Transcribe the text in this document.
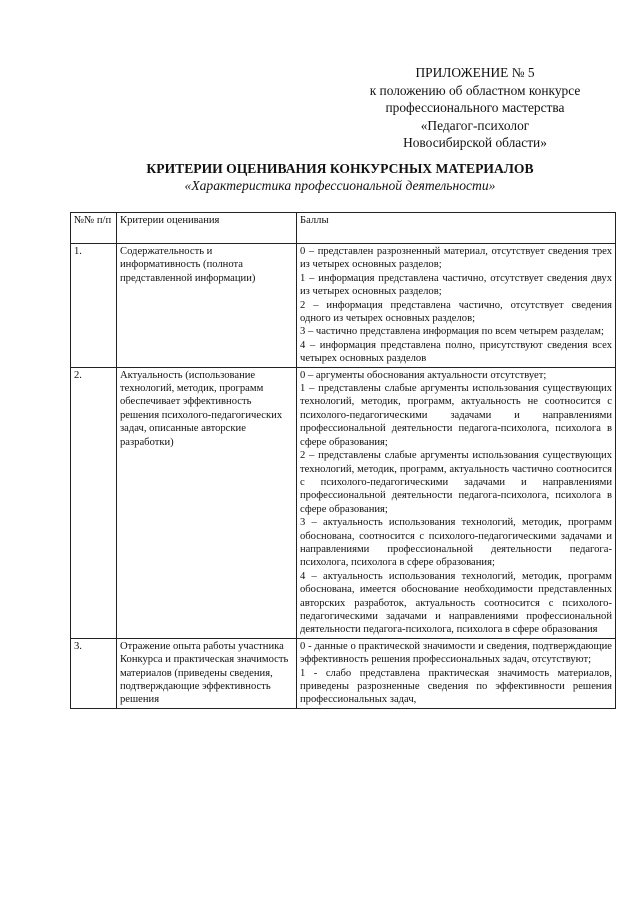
ПРИЛОЖЕНИЕ № 5
к положению об областном конкурсе
профессионального мастерства
«Педагог-психолог
Новосибирской области»
КРИТЕРИИ ОЦЕНИВАНИЯ КОНКУРСНЫХ МАТЕРИАЛОВ
«Характеристика профессиональной деятельности»
№№ п/п	Критерии оценивания	Баллы
1.	Содержательность и информативность (полнота представленной информации)	0 – представлен разрозненный материал, отсутствует сведения трех из четырех основных разделов;
1 – информация представлена частично, отсутствует сведения двух из четырех основных разделов;
2 – информация представлена частично, отсутствует сведения одного из четырех основных разделов;
3 – частично представлена информация по всем четырем разделам;
4 – информация представлена полно, присутствуют сведения всех четырех основных разделов

2.	Актуальность (использование технологий, методик, программ обеспечивает эффективность решения психолого-педагогических задач, описанные авторские разработки)	0 – аргументы обоснования актуальности отсутствует;
1 – представлены слабые аргументы использования существующих технологий, методик, программ, актуальность не соотносится с психолого-педагогическими задачами и направлениями профессиональной деятельности педагога-психолога, психолога в сфере образования;
2 – представлены слабые аргументы использования существующих технологий, методик, программ, актуальность частично соотносится с психолого-педагогическими задачами и направлениями профессиональной деятельности педагога-психолога, психолога в сфере образования;
3 – актуальность использования технологий, методик, программ обоснована, соотносится с психолого-педагогическими задачами и направлениями профессиональной деятельности педагога-психолога, психолога в сфере образования;
4 – актуальность использования технологий, методик, программ обоснована, имеется обоснование необходимости представленных авторских разработок, актуальность соотносится с психолого-педагогическими задачами и направлениями профессиональной деятельности педагога-психолога, психолога в сфере образования

3.	Отражение опыта работы участника Конкурса и практическая значимость материалов (приведены сведения, подтверждающие эффективность решения	0 - данные о практической значимости и сведения, подтверждающие эффективность решения профессиональных задач, отсутствуют;
1 - слабо представлена практическая значимость материалов, приведены разрозненные сведения по эффективности решения профессиональных задач,
